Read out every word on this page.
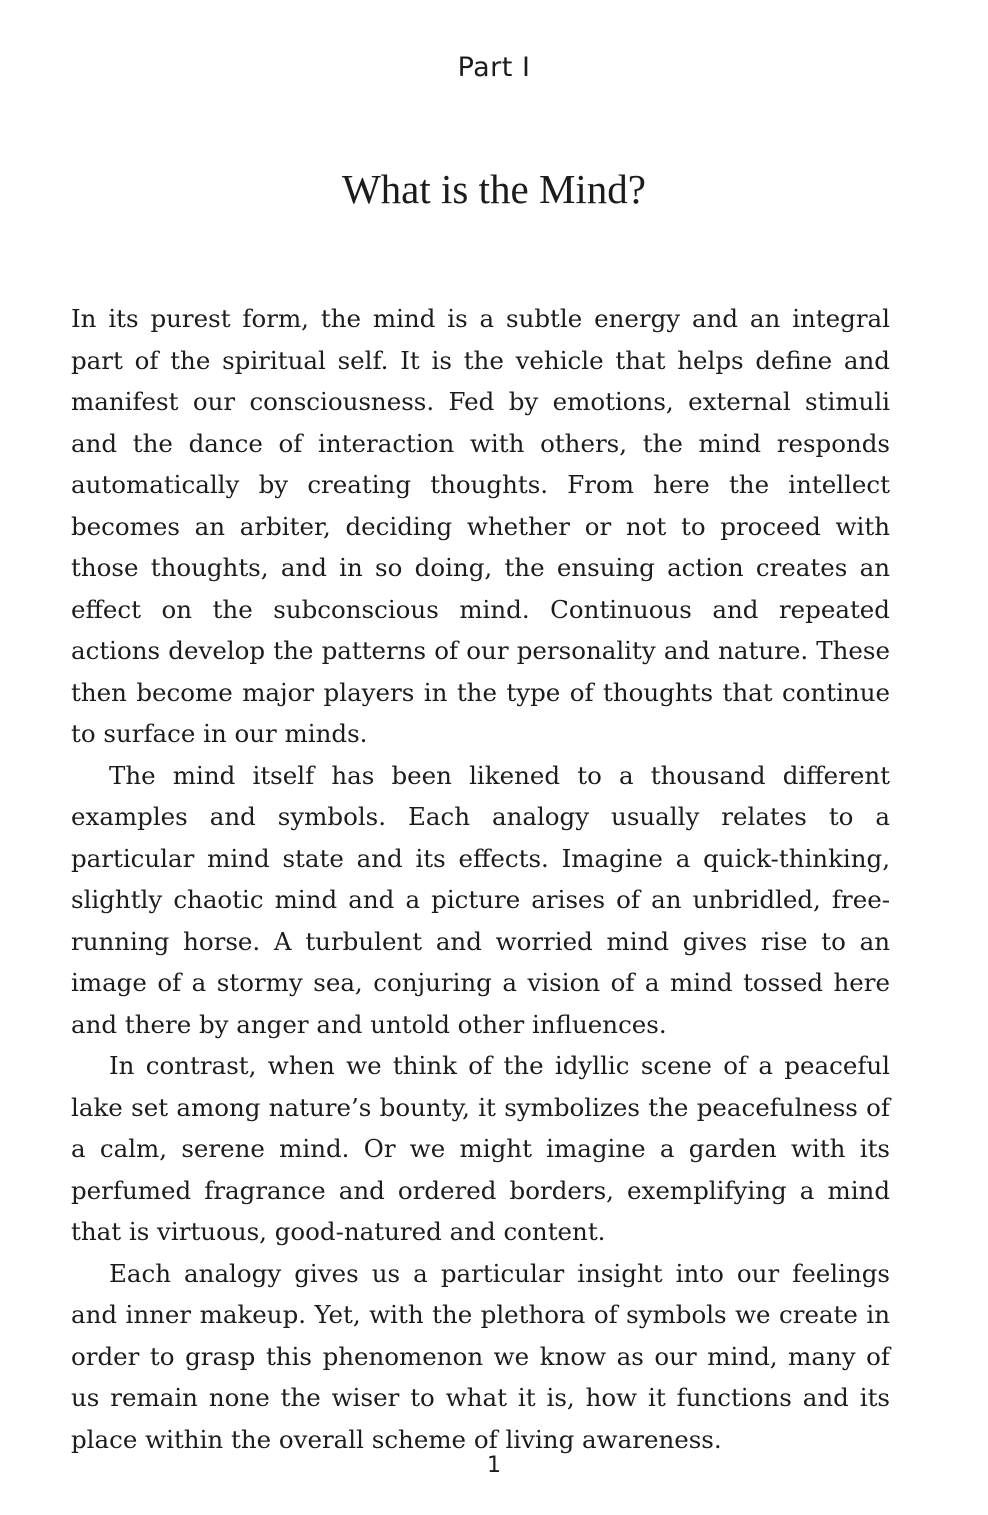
Part I
What is the Mind?

In its purest form, the mind is a subtle energy and an integral part of the spiritual self. It is the vehicle that helps define and manifest our consciousness. Fed by emotions, external stimuli and the dance of interaction with others, the mind responds automatically by creating thoughts. From here the intellect becomes an arbiter, deciding whether or not to proceed with those thoughts, and in so doing, the ensuing action creates an effect on the subconscious mind. Continuous and repeated actions develop the patterns of our personality and nature. These then become major players in the type of thoughts that continue to surface in our minds.

The mind itself has been likened to a thousand different examples and symbols. Each analogy usually relates to a particular mind state and its effects. Imagine a quick-thinking, slightly chaotic mind and a picture arises of an unbridled, free-running horse. A turbulent and worried mind gives rise to an image of a stormy sea, conjuring a vision of a mind tossed here and there by anger and untold other influences.

In contrast, when we think of the idyllic scene of a peaceful lake set among nature’s bounty, it symbolizes the peacefulness of a calm, serene mind. Or we might imagine a garden with its perfumed fragrance and ordered borders, exemplifying a mind that is virtuous, good-natured and content.

Each analogy gives us a particular insight into our feelings and inner makeup. Yet, with the plethora of symbols we create in order to grasp this phenomenon we know as our mind, many of us remain none the wiser to what it is, how it functions and its place within the overall scheme of living awareness.

1
